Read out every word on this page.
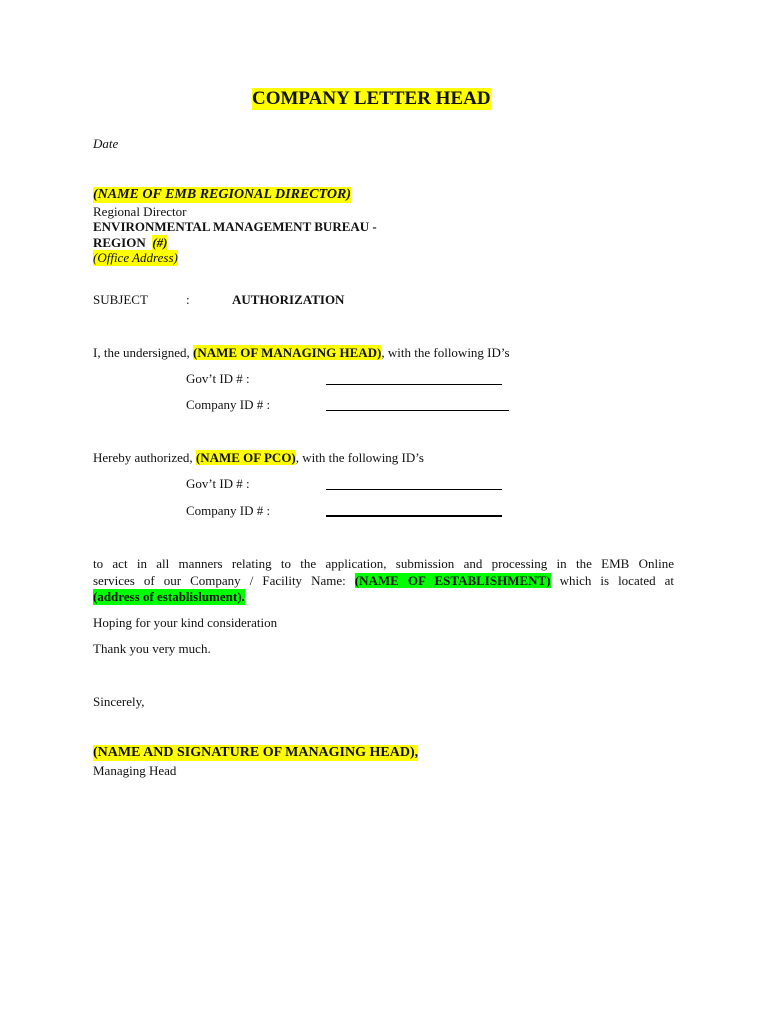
COMPANY LETTER HEAD
Date
(NAME OF EMB REGIONAL DIRECTOR)
Regional Director
ENVIRONMENTAL MANAGEMENT BUREAU -
REGION (#)
(Office Address)
SUBJECT	:	AUTHORIZATION
I, the undersigned, (NAME OF MANAGING HEAD), with the following ID’s
Gov’t ID # :
Company ID # :
Hereby authorized, (NAME OF PCO), with the following ID’s
Gov’t ID # :
Company ID # :
to act in all manners relating to the application, submission and processing in the EMB Online
services of our Company / Facility Name: (NAME OF ESTABLISHMENT) which is located at
(address of establislument).
Hoping for your kind consideration
Thank you very much.
Sincerely,
(NAME AND SIGNATURE OF MANAGING HEAD),
Managing Head
